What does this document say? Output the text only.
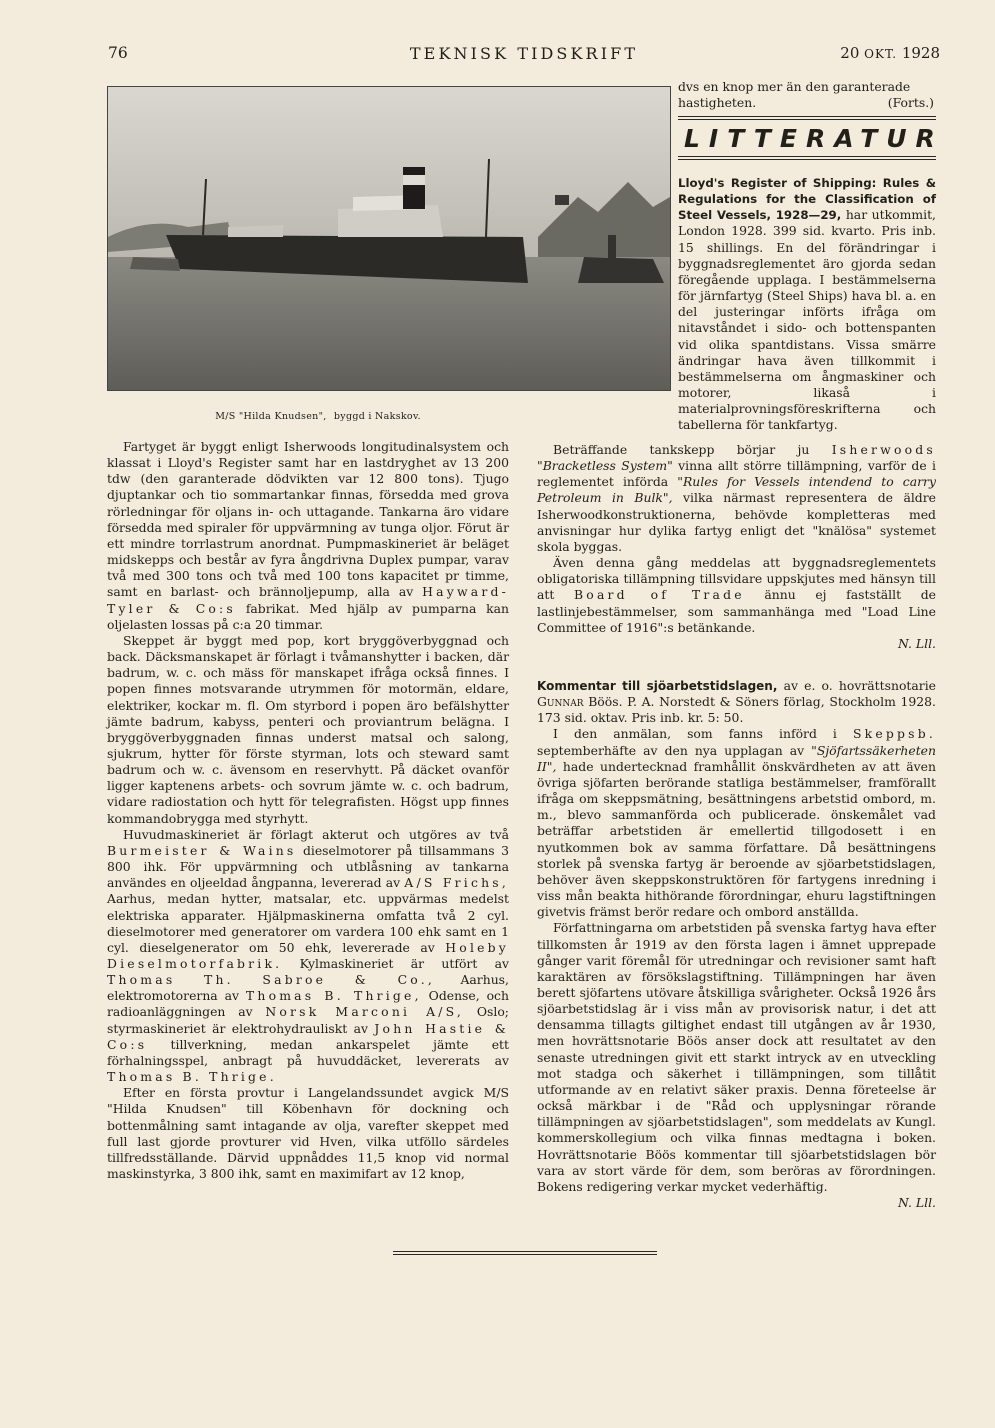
76	TEKNISK TIDSKRIFT	20 OKT. 1928
M/S "Hilda Knudsen", byggd i Nakskov.

Fartyget är byggt enligt Isherwoods longitudinalsystem och klassat i Lloyd's Register samt har en lastdryghet av 13 200 tdw (den garanterade dödvikten var 12 800 tons). Tjugo djuptankar och tio sommartankar finnas, försedda med grova rörledningar för oljans in- och uttagande. Tankarna äro vidare försedda med spiraler för uppvärmning av tunga oljor. Förut är ett mindre torrlastrum anordnat. Pumpmaskineriet är beläget midskepps och består av fyra ångdrivna Duplex pumpar, varav två med 300 tons och två med 100 tons kapacitet pr timme, samt en barlast- och brännoljepump, alla av Hayward-Tyler & Co:s fabrikat. Med hjälp av pumparna kan oljelasten lossas på c:a 20 timmar.

Skeppet är byggt med pop, kort bryggöverbyggnad och back. Däcksmanskapet är förlagt i tvåmanshytter i backen, där badrum, w. c. och mäss för manskapet ifråga också finnes. I popen finnes motsvarande utrymmen för motormän, eldare, elektriker, kockar m. fl. Om styrbord i popen äro befälshytter jämte badrum, kabyss, penteri och proviantrum belägna. I bryggöverbyggnaden finnas underst matsal och salong, sjukrum, hytter för förste styrman, lots och steward samt badrum och w. c. ävensom en reservhytt. På däcket ovanför ligger kaptenens arbets- och sovrum jämte w. c. och badrum, vidare radiostation och hytt för telegrafisten. Högst upp finnes kommandobrygga med styrhytt.

Huvudmaskineriet är förlagt akterut och utgöres av två Burmeister & Wains dieselmotorer på tillsammans 3 800 ihk. För uppvärmning och utblåsning av tankarna användes en oljeeldad ångpanna, levererad av A/S Frichs, Aarhus, medan hytter, matsalar, etc. uppvärmas medelst elektriska apparater. Hjälpmaskinerna omfatta två 2 cyl. dieselmotorer med generatorer om vardera 100 ehk samt en 1 cyl. dieselgenerator om 50 ehk, levererade av Holeby Dieselmotorfabrik. Kylmaskineriet är utfört av Thomas Th. Sabroe & Co., Aarhus, elektromotorerna av Thomas B. Thrige, Odense, och radioanläggningen av Norsk Marconi A/S, Oslo; styrmaskineriet är elektrohydrauliskt av John Hastie & Co:s tillverkning, medan ankarspelet jämte ett förhalningsspel, anbragt på huvuddäcket, levererats av Thomas B. Thrige.

Efter en första provtur i Langelandssundet avgick M/S "Hilda Knudsen" till Köbenhavn för dockning och bottenmålning samt intagande av olja, varefter skeppet med full last gjorde provturer vid Hven, vilka utföllo särdeles tillfredsställande. Därvid uppnåddes 11,5 knop vid normal maskinstyrka, 3 800 ihk, samt en maximifart av 12 knop,

dvs en knop mer än den garanterade

hastigheten.	(Forts.)
LITTERATUR
Lloyd's Register of Shipping: Rules & Regulations for the Classification of Steel Vessels, 1928—29, har utkommit, London 1928. 399 sid. kvarto. Pris inb. 15 shillings. En del förändringar i byggnadsreglementet äro gjorda sedan föregående upplaga. I bestämmelserna för järnfartyg (Steel Ships) hava bl. a. en del justeringar införts ifråga om nitavståndet i sido- och bottenspanten vid olika spantdistans. Vissa smärre ändringar hava även tillkommit i bestämmelserna om ångmaskiner och motorer, likaså i materialprovningsföreskrifterna och tabellerna för tankfartyg.

Beträffande tankskepp börjar ju Isherwoods "Bracketless System" vinna allt större tillämpning, varför de i reglementet införda "Rules for Vessels intendend to carry Petroleum in Bulk", vilka närmast representera de äldre Isherwoodkonstruktionerna, behövde kompletteras med anvisningar hur dylika fartyg enligt det "knälösa" systemet skola byggas.

Även denna gång meddelas att byggnadsreglementets obligatoriska tillämpning tillsvidare uppskjutes med hänsyn till att Board of Trade ännu ej fastställt de lastlinjebestämmelser, som sammanhänga med "Load Line Committee of 1916":s betänkande.

N. Lll.

Kommentar till sjöarbetstidslagen, av e. o. hovrättsnotarie Gunnar Böös. P. A. Norstedt & Söners förlag, Stockholm 1928. 173 sid. oktav. Pris inb. kr. 5: 50.

I den anmälan, som fanns införd i Skeppsb. septemberhäfte av den nya upplagan av "Sjöfartssäkerheten II", hade undertecknad framhållit önskvärdheten av att även övriga sjöfarten berörande statliga bestämmelser, framförallt ifråga om skeppsmätning, besättningens arbetstid ombord, m. m., blevo sammanförda och publicerade. önskemålet vad beträffar arbetstiden är emellertid tillgodosett i en nyutkommen bok av samma författare. Då besättningens storlek på svenska fartyg är beroende av sjöarbetstidslagen, behöver även skeppskonstruktören för fartygens inredning i viss mån beakta hithörande förordningar, ehuru lagstiftningen givetvis främst berör redare och ombord anställda.

Författningarna om arbetstiden på svenska fartyg hava efter tillkomsten år 1919 av den första lagen i ämnet upprepade gånger varit föremål för utredningar och revisioner samt haft karaktären av försökslagstiftning. Tillämpningen har även berett sjöfartens utövare åtskilliga svårigheter. Också 1926 års sjöarbetstidslag är i viss mån av provisorisk natur, i det att densamma tillagts giltighet endast till utgången av år 1930, men hovrättsnotarie Böös anser dock att resultatet av den senaste utredningen givit ett starkt intryck av en utveckling mot stadga och säkerhet i tillämpningen, som tillåtit utformande av en relativt säker praxis. Denna företeelse är också märkbar i de "Råd och upplysningar rörande tillämpningen av sjöarbetstidslagen", som meddelats av Kungl. kommerskollegium och vilka finnas medtagna i boken. Hovrättsnotarie Böös kommentar till sjöarbetstidslagen bör vara av stort värde för dem, som beröras av förordningen. Bokens redigering verkar mycket vederhäftig.

N. Lll.
